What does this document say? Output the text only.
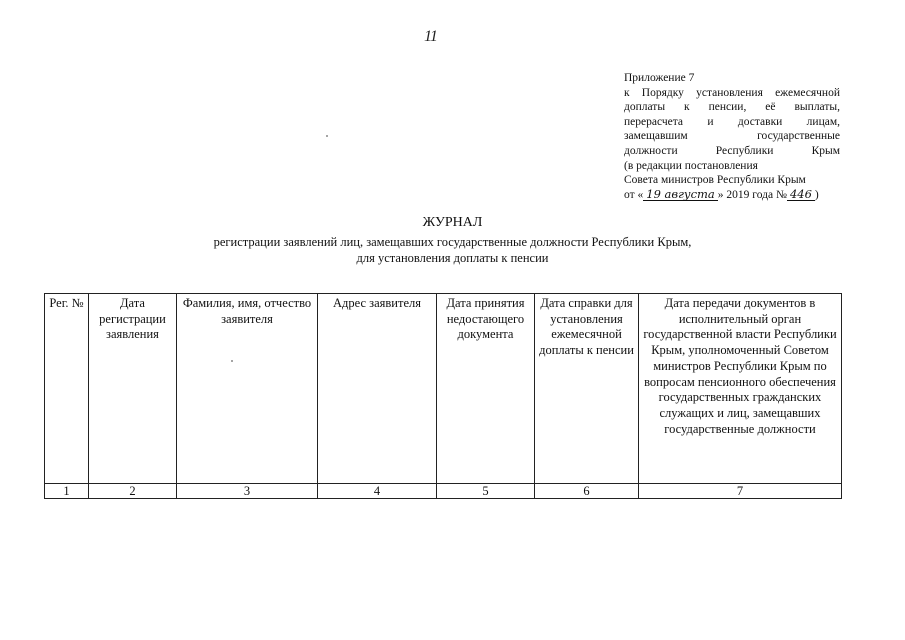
11
Приложение 7
к Порядку установления ежемесячной
доплаты к пенсии, её выплаты,
перерасчета и доставки лицам,
замещавшим государственные
должности Республики Крым
(в редакции постановления
Совета министров Республики Крым
от « 19 августа » 2019 года № 446 )
ЖУРНАЛ
регистрации заявлений лиц, замещавших государственные должности Республики Крым,
для установления доплаты к пенсии
Рег. №	Дата регистрации заявления	Фамилия, имя, отчество заявителя	Адрес заявителя	Дата принятия недостающего документа	Дата справки для установления ежемесячной доплаты к пенсии	Дата передачи документов в исполнительный орган государственной власти Республики Крым, уполномоченный Советом министров Республики Крым по вопросам пенсионного обеспечения государственных гражданских служащих и лиц, замещавших государственные должности
1	2	3	4	5	6	7
